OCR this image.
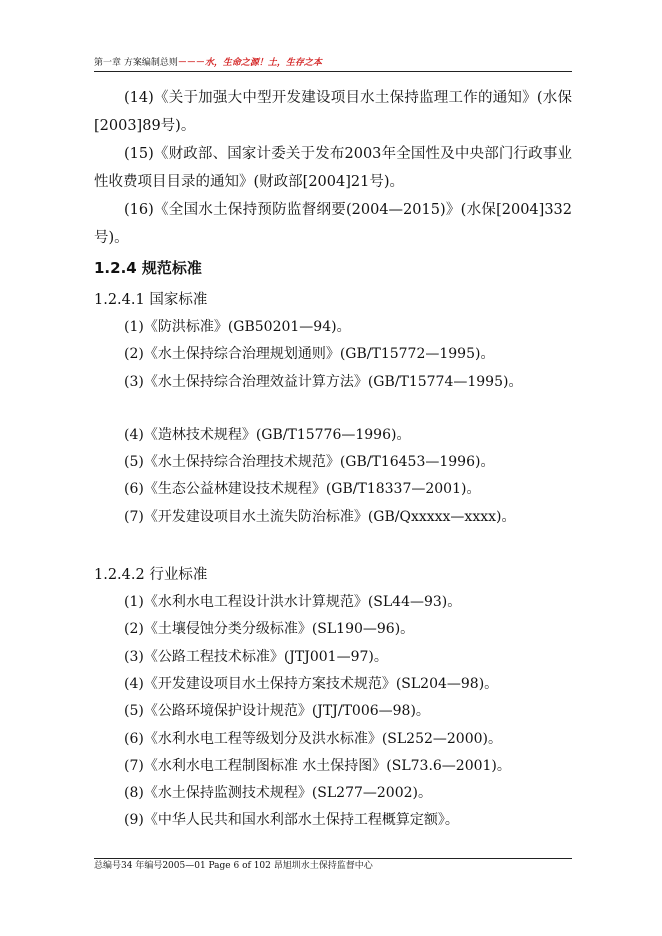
第一章 方案编制总则－－－水，生命之源！土，生存之本

(14)《关于加强大中型开发建设项目水土保持监理工作的通知》(水保[2003]89号)。

(15)《财政部、国家计委关于发布2003年全国性及中央部门行政事业性收费项目目录的通知》(财政部[2004]21号)。

(16)《全国水土保持预防监督纲要(2004—2015)》(水保[2004]332号)。

1.2.4 规范标准
1.2.4.1 国家标准
(1)《防洪标准》(GB50201—94)。
(2)《水土保持综合治理规划通则》(GB/T15772—1995)。
(3)《水土保持综合治理效益计算方法》(GB/T15774—1995)。
(4)《造林技术规程》(GB/T15776—1996)。
(5)《水土保持综合治理技术规范》(GB/T16453—1996)。
(6)《生态公益林建设技术规程》(GB/T18337—2001)。
(7)《开发建设项目水土流失防治标准》(GB/Qxxxxx—xxxx)。
1.2.4.2 行业标准
(1)《水利水电工程设计洪水计算规范》(SL44—93)。
(2)《土壤侵蚀分类分级标准》(SL190—96)。
(3)《公路工程技术标准》(JTJ001—97)。
(4)《开发建设项目水土保持方案技术规范》(SL204—98)。
(5)《公路环境保护设计规范》(JTJ/T006—98)。
(6)《水利水电工程等级划分及洪水标准》(SL252—2000)。
(7)《水利水电工程制图标准 水土保持图》(SL73.6—2001)。
(8)《水土保持监测技术规程》(SL277—2002)。
(9)《中华人民共和国水利部水土保持工程概算定额》。
总编号34 年编号2005—01 Page 6 of 102 昂旭圳水土保持监督中心
